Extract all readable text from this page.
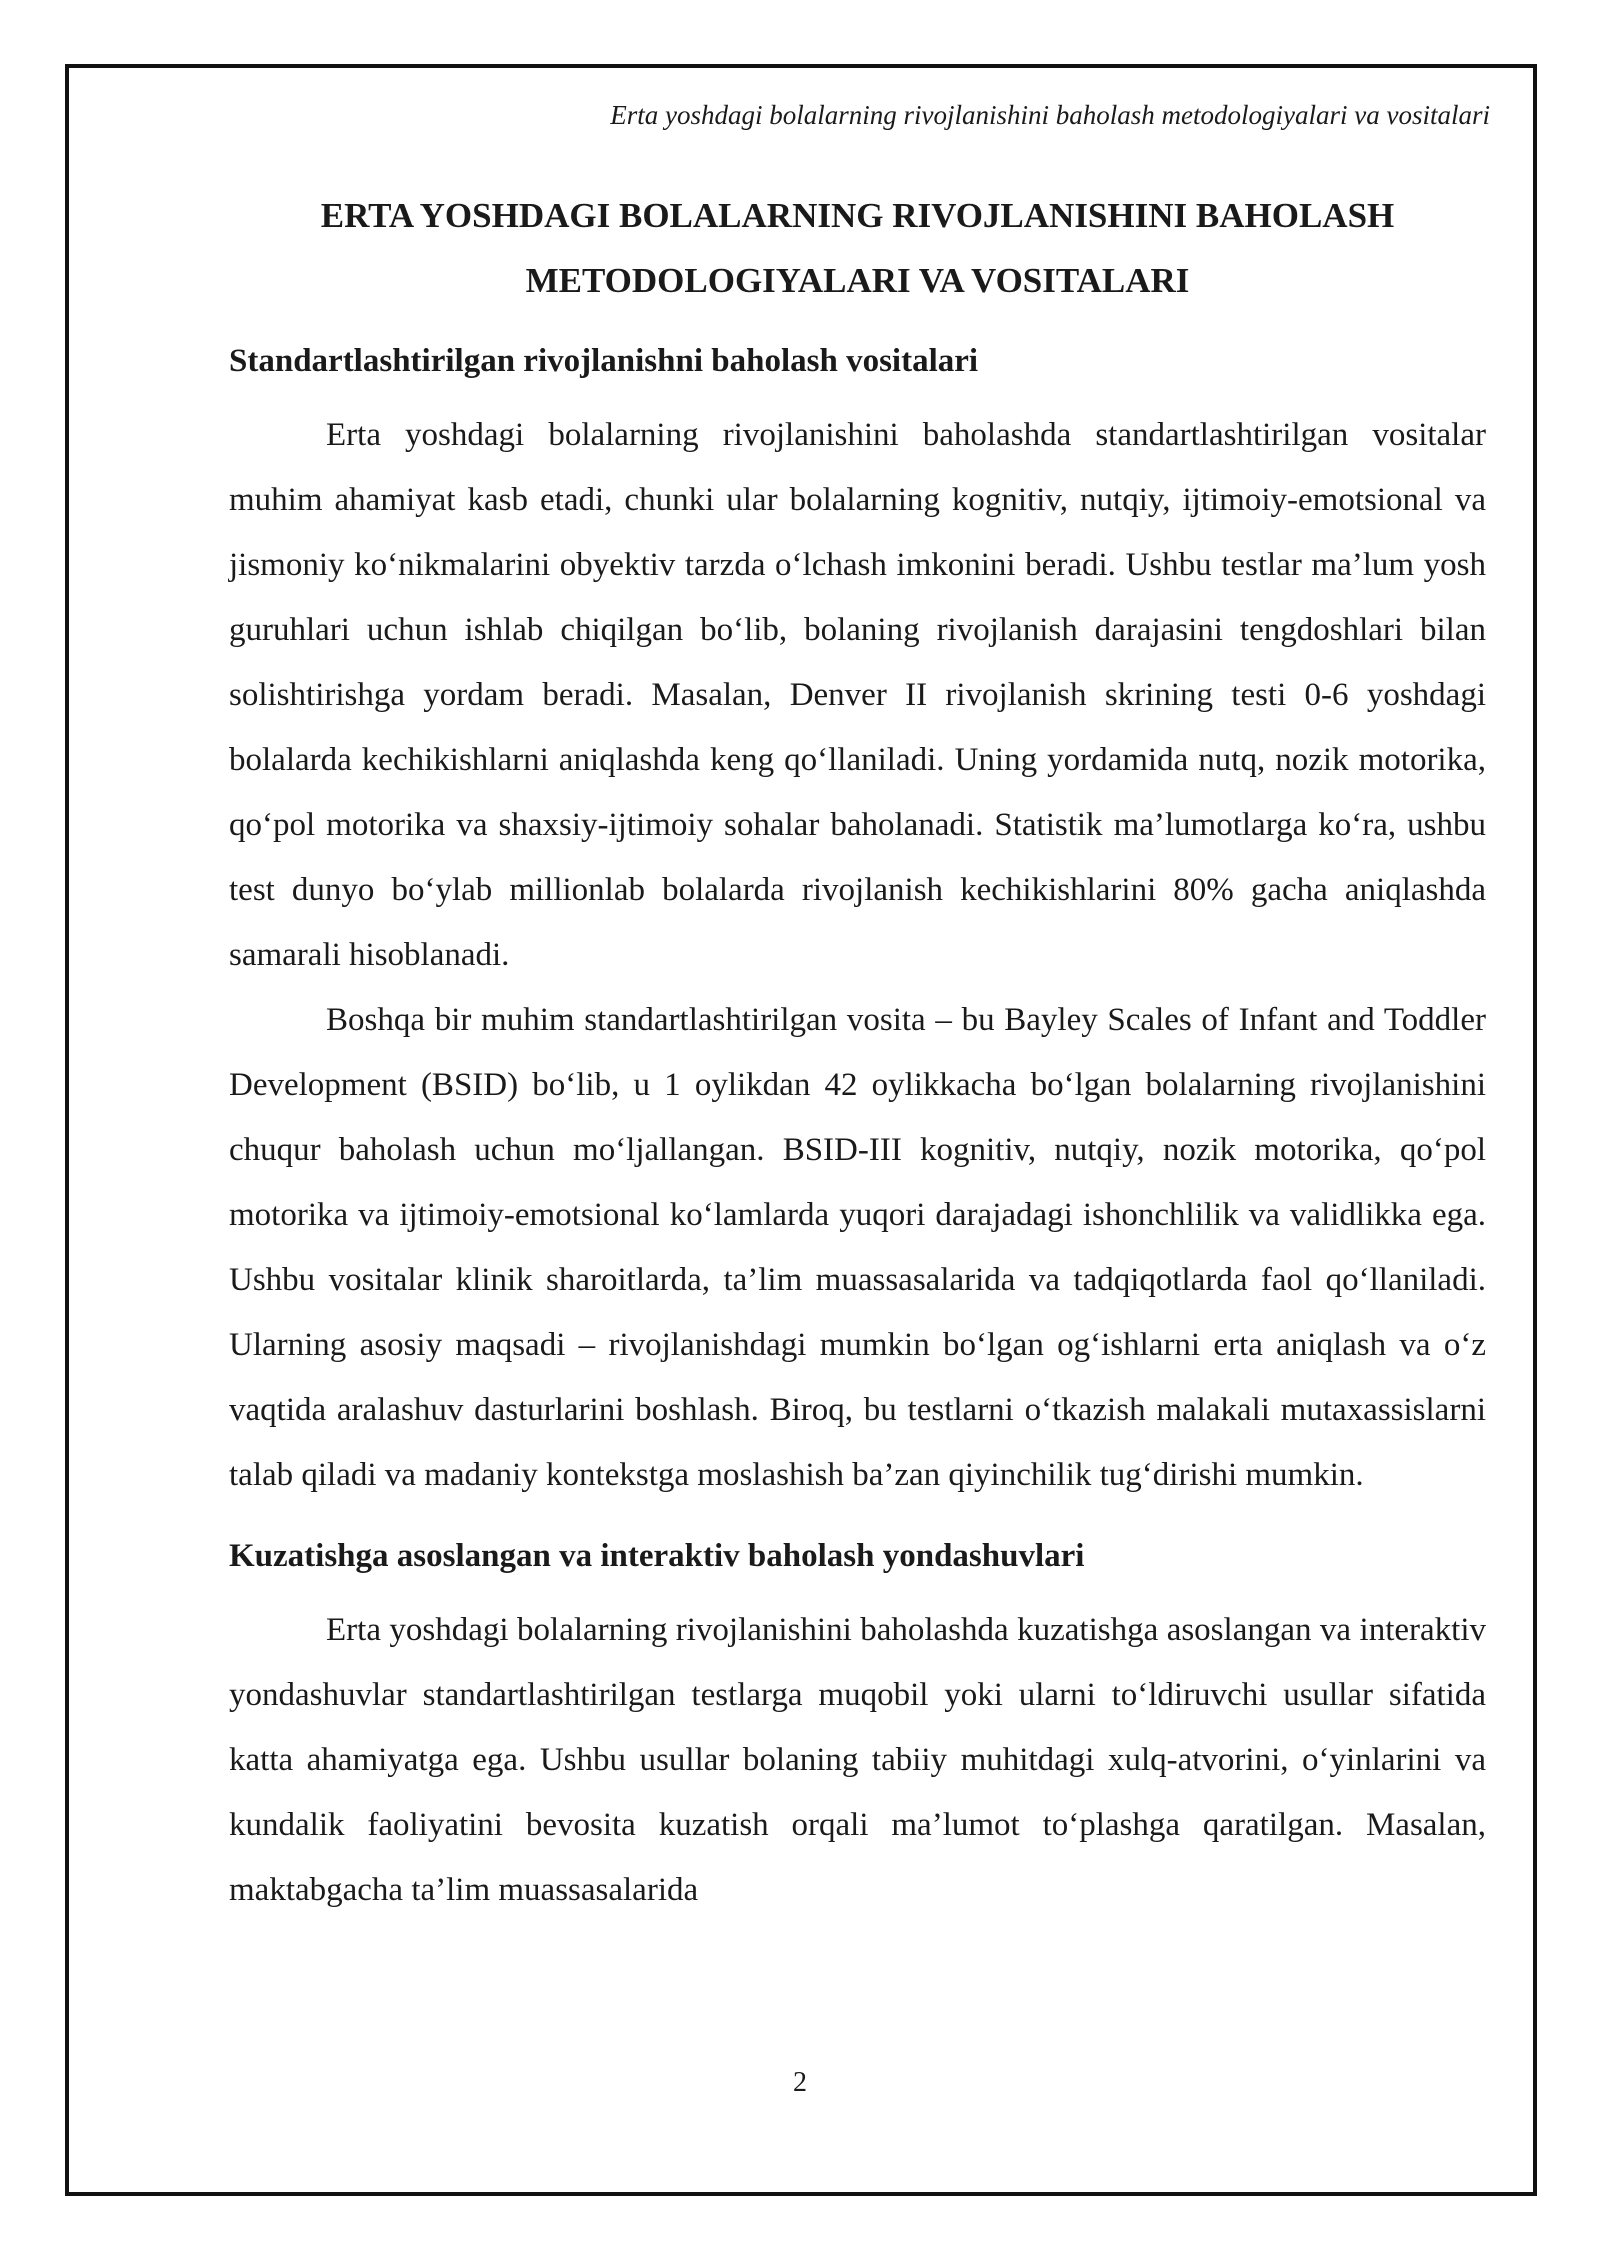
Erta yoshdagi bolalarning rivojlanishini baholash metodologiyalari va vositalari
ERTA YOSHDAGI BOLALARNING RIVOJLANISHINI BAHOLASH
METODOLOGIYALARI VA VOSITALARI
Standartlashtirilgan rivojlanishni baholash vositalari

Erta yoshdagi bolalarning rivojlanishini baholashda standartlashtirilgan vositalar muhim ahamiyat kasb etadi, chunki ular bolalarning kognitiv, nutqiy, ijtimoiy-emotsional va jismoniy ko‘nikmalarini obyektiv tarzda o‘lchash imkonini beradi. Ushbu testlar ma’lum yosh guruhlari uchun ishlab chiqilgan bo‘lib, bolaning rivojlanish darajasini tengdoshlari bilan solishtirishga yordam beradi. Masalan, Denver II rivojlanish skrining testi 0-6 yoshdagi bolalarda kechikishlarni aniqlashda keng qo‘llaniladi. Uning yordamida nutq, nozik motorika, qo‘pol motorika va shaxsiy-ijtimoiy sohalar baholanadi. Statistik ma’lumotlarga ko‘ra, ushbu test dunyo bo‘ylab millionlab bolalarda rivojlanish kechikishlarini 80% gacha aniqlashda samarali hisoblanadi.

Boshqa bir muhim standartlashtirilgan vosita – bu Bayley Scales of Infant and Toddler Development (BSID) bo‘lib, u 1 oylikdan 42 oylikkacha bo‘lgan bolalarning rivojlanishini chuqur baholash uchun mo‘ljallangan. BSID-III kognitiv, nutqiy, nozik motorika, qo‘pol motorika va ijtimoiy-emotsional ko‘lamlarda yuqori darajadagi ishonchlilik va validlikka ega. Ushbu vositalar klinik sharoitlarda, ta’lim muassasalarida va tadqiqotlarda faol qo‘llaniladi. Ularning asosiy maqsadi – rivojlanishdagi mumkin bo‘lgan og‘ishlarni erta aniqlash va o‘z vaqtida aralashuv dasturlarini boshlash. Biroq, bu testlarni o‘tkazish malakali mutaxassislarni talab qiladi va madaniy kontekstga moslashish ba’zan qiyinchilik tug‘dirishi mumkin.

Kuzatishga asoslangan va interaktiv baholash yondashuvlari

Erta yoshdagi bolalarning rivojlanishini baholashda kuzatishga asoslangan va interaktiv yondashuvlar standartlashtirilgan testlarga muqobil yoki ularni to‘ldiruvchi usullar sifatida katta ahamiyatga ega. Ushbu usullar bolaning tabiiy muhitdagi xulq-atvorini, o‘yinlarini va kundalik faoliyatini bevosita kuzatish orqali ma’lumot to‘plashga qaratilgan. Masalan, maktabgacha ta’lim muassasalarida

2
